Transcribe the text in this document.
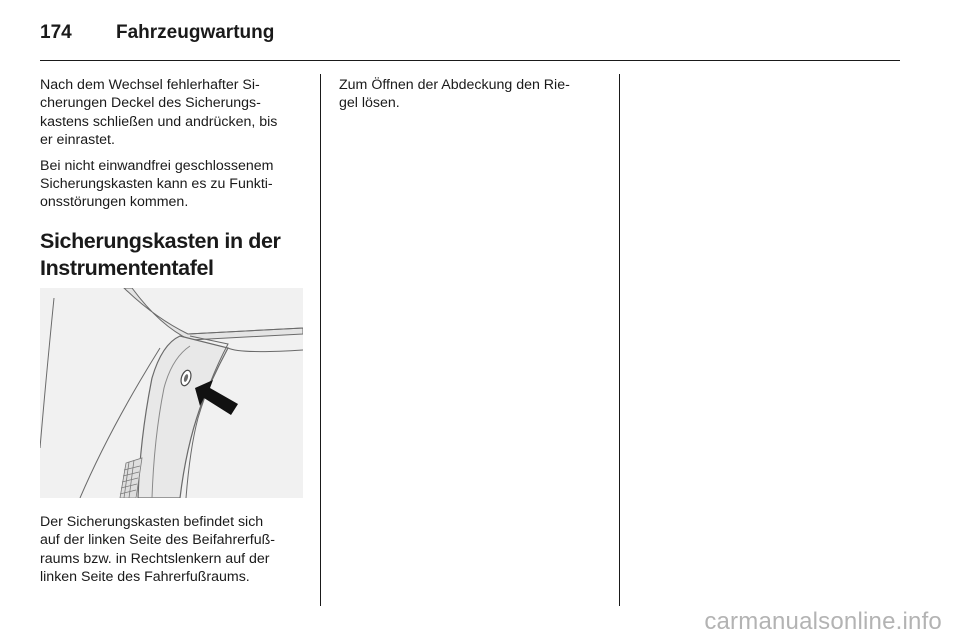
174 Fahrzeugwartung

Nach dem Wechsel fehlerhafter Si-
cherungen Deckel des Sicherungs-
kastens schließen und andrücken, bis
er einrastet.

Bei nicht einwandfrei geschlossenem
Sicherungskasten kann es zu Funkti-
onsstörungen kommen.

Sicherungskasten in der
Instrumententafel
Der Sicherungskasten befindet sich
auf der linken Seite des Beifahrerfuß-
raums bzw. in Rechtslenkern auf der
linken Seite des Fahrerfußraums.

Zum Öffnen der Abdeckung den Rie-
gel lösen.

carmanualsonline.info
